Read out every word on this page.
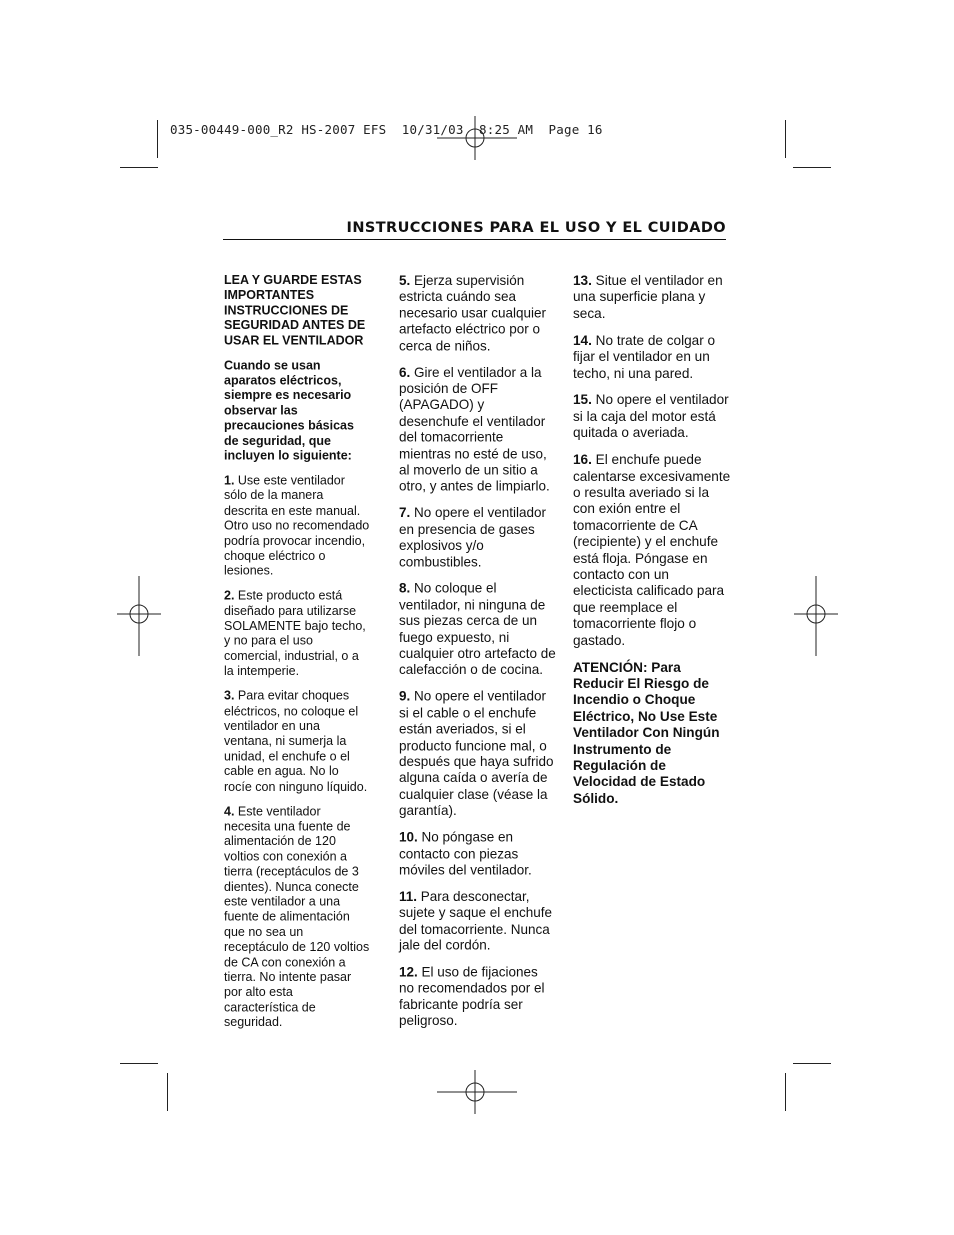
035-00449-000_R2 HS-2007 EFS  10/31/03  8:25 AM  Page 16
INSTRUCCIONES PARA EL USO Y EL CUIDADO

LEA Y GUARDE ESTAS IMPORTANTES INSTRUCCIONES DE SEGURIDAD ANTES DE USAR EL VENTILADOR

Cuando se usan aparatos eléctricos, siempre es necesario observar las precauciones básicas de seguridad, que incluyen lo siguiente:

1. Use este ventilador sólo de la manera descrita en este manual. Otro uso no recomendado podría provocar incendio, choque eléctrico o lesiones.

2. Este producto está diseñado para utilizarse SOLAMENTE bajo techo, y no para el uso comercial, industrial, o a la intemperie.

3. Para evitar choques eléctricos, no coloque el ventilador en una ventana, ni sumerja la unidad, el enchufe o el cable en agua. No lo rocíe con ninguno líquido.

4. Este ventilador necesita una fuente de alimentación de 120 voltios con conexión a tierra (receptáculos de 3 dientes). Nunca conecte este ventilador a una fuente de alimentación que no sea un receptáculo de 120 voltios de CA con conexión a tierra. No intente pasar por alto esta característica de seguridad.

5. Ejerza supervisión estricta cuándo sea necesario usar cualquier artefacto eléctrico por o cerca de niños.

6. Gire el ventilador a la posición de OFF (APAGADO) y desenchufe el ventilador del tomacorriente mientras no esté de uso, al moverlo de un sitio a otro, y antes de limpiarlo.

7. No opere el ventilador en presencia de gases explosivos y/o combustibles.

8. No coloque el ventilador, ni ninguna de sus piezas cerca de un fuego expuesto, ni cualquier otro artefacto de calefacción o de cocina.

9. No opere el ventilador si el cable o el enchufe están averiados, si el producto funcione mal, o después que haya sufrido alguna caída o avería de cualquier clase (véase la garantía).

10. No póngase en contacto con piezas móviles del ventilador.

11. Para desconectar, sujete y saque el enchufe del tomacorriente. Nunca jale del cordón.

12. El uso de fijaciones no recomendados por el fabricante podría ser peligroso.

13. Situe el ventilador en una superficie plana y seca.

14. No trate de colgar o fijar el ventilador en un techo, ni una pared.

15. No opere el ventilador si la caja del motor está quitada o averiada.

16. El enchufe puede calentarse excesivamente o resulta averiado si la con exión entre el tomacorriente de CA (recipiente) y el enchufe está floja. Póngase en contacto con un electicista calificado para que reemplace el tomacorriente flojo o gastado.

ATENCIÓN: Para Reducir El Riesgo de Incendio o Choque Eléctrico, No Use Este Ventilador Con Ningún Instrumento de Regulación de Velocidad de Estado Sólido.
